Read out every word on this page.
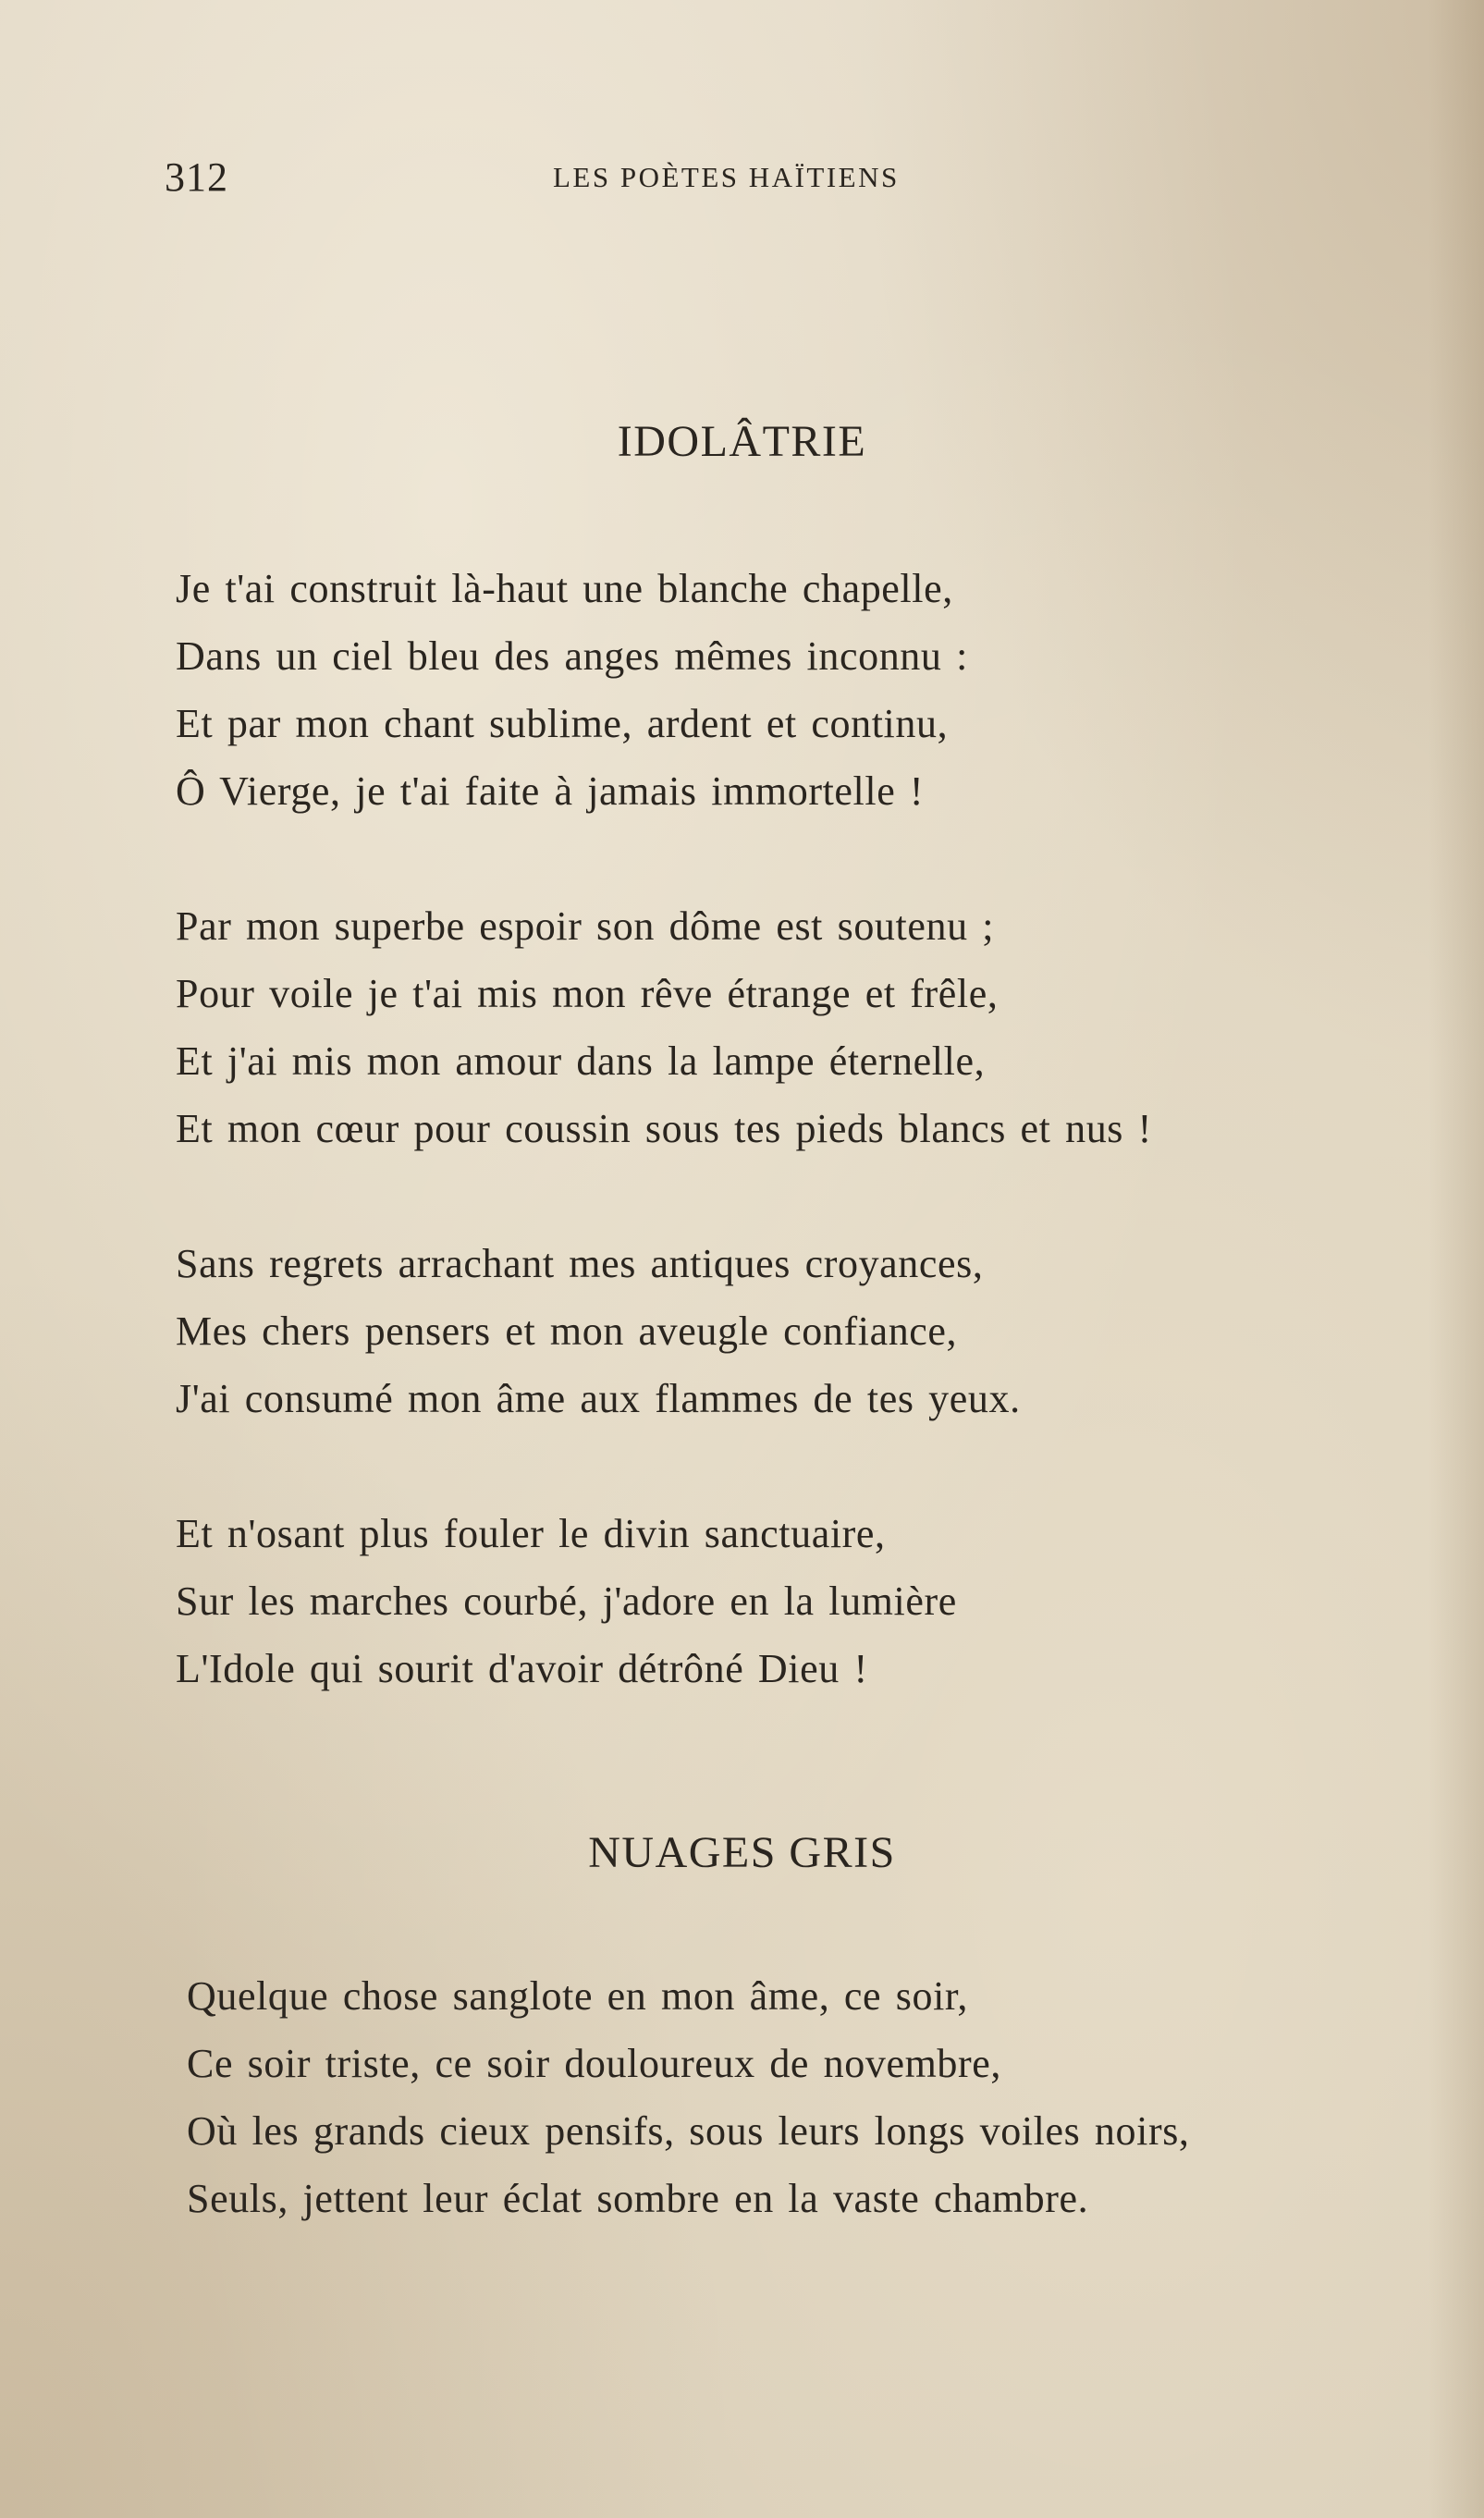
312	LES POÈTES HAÏTIENS
IDOLÂTRIE
Je t'ai construit là-haut une blanche chapelle,
Dans un ciel bleu des anges mêmes inconnu :
Et par mon chant sublime, ardent et continu,
Ô Vierge, je t'ai faite à jamais immortelle !
Par mon superbe espoir son dôme est soutenu ;
Pour voile je t'ai mis mon rêve étrange et frêle,
Et j'ai mis mon amour dans la lampe éternelle,
Et mon cœur pour coussin sous tes pieds blancs et nus !
Sans regrets arrachant mes antiques croyances,
Mes chers pensers et mon aveugle confiance,
J'ai consumé mon âme aux flammes de tes yeux.
Et n'osant plus fouler le divin sanctuaire,
Sur les marches courbé, j'adore en la lumière
L'Idole qui sourit d'avoir détrôné Dieu !
NUAGES GRIS
Quelque chose sanglote en mon âme, ce soir,
Ce soir triste, ce soir douloureux de novembre,
Où les grands cieux pensifs, sous leurs longs voiles noirs,
Seuls, jettent leur éclat sombre en la vaste chambre.
